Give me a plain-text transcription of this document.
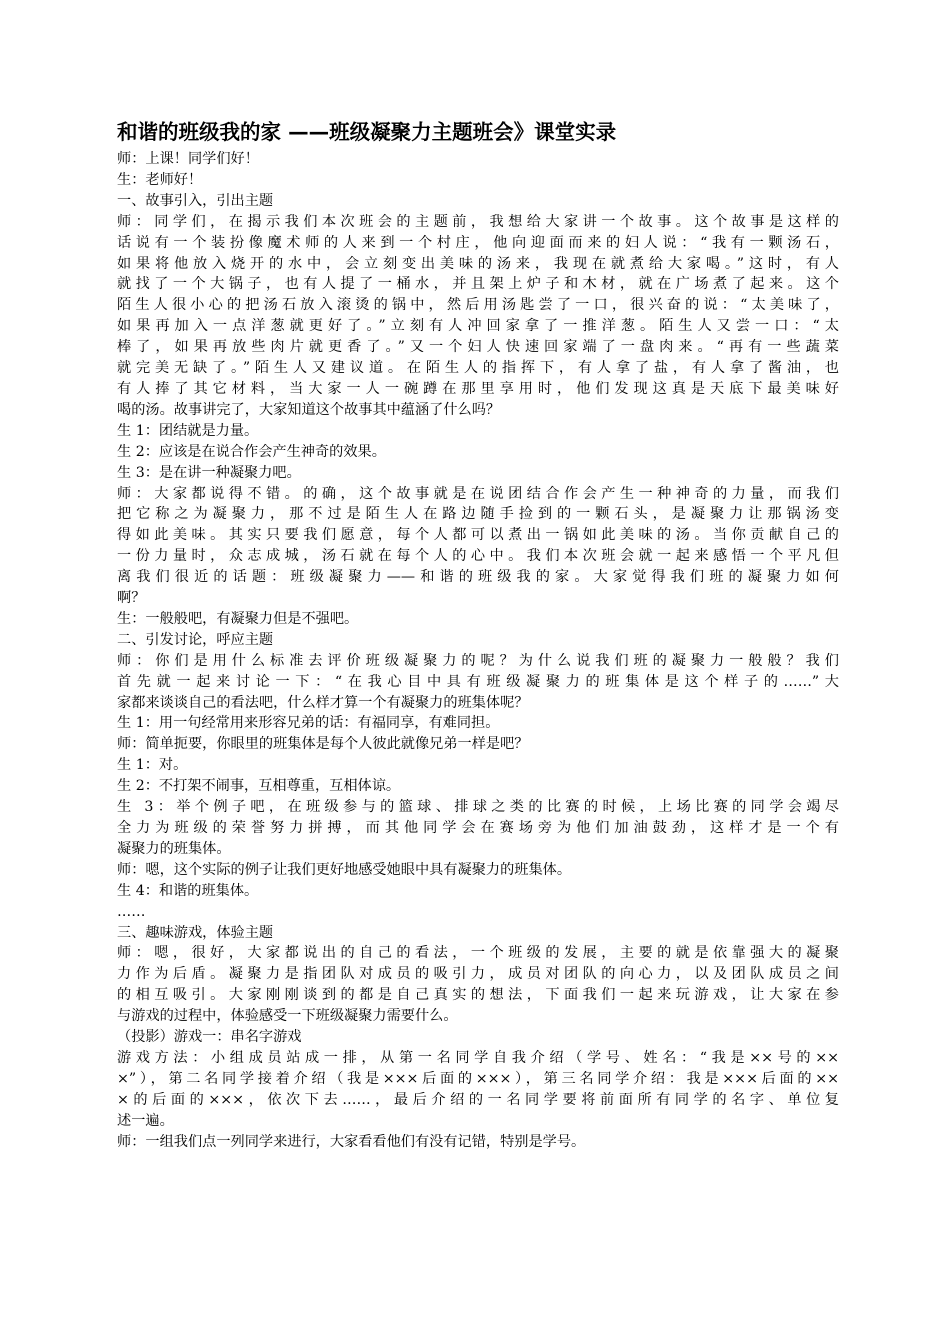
和谐的班级我的家 ——班级凝聚力主题班会》课堂实录

师：上课！同学们好！

生：老师好！

一、故事引入，引出主题

师：同学们，在揭示我们本次班会的主题前，我想给大家讲一个故事。这个故事是这样的

话说有一个装扮像魔术师的人来到一个村庄，他向迎面而来的妇人说：“我有一颗汤石，

如果将他放入烧开的水中，会立刻变出美味的汤来，我现在就煮给大家喝。”这时，有人

就找了一个大锅子，也有人提了一桶水，并且架上炉子和木材，就在广场煮了起来。这个

陌生人很小心的把汤石放入滚烫的锅中，然后用汤匙尝了一口，很兴奋的说：“太美味了，

如果再加入一点洋葱就更好了。”立刻有人冲回家拿了一推洋葱。陌生人又尝一口：“太

棒了，如果再放些肉片就更香了。”又一个妇人快速回家端了一盘肉来。“再有一些蔬菜

就完美无缺了。”陌生人又建议道。在陌生人的指挥下，有人拿了盐，有人拿了酱油，也

有人捧了其它材料，当大家一人一碗蹲在那里享用时，他们发现这真是天底下最美味好

喝的汤。故事讲完了，大家知道这个故事其中蕴涵了什么吗？

生 1：团结就是力量。

生 2：应该是在说合作会产生神奇的效果。

生 3：是在讲一种凝聚力吧。

师：大家都说得不错。的确，这个故事就是在说团结合作会产生一种神奇的力量，而我们

把它称之为凝聚力，那不过是陌生人在路边随手捡到的一颗石头，是凝聚力让那锅汤变

得如此美味。其实只要我们愿意，每个人都可以煮出一锅如此美味的汤。当你贡献自己的

一份力量时，众志成城，汤石就在每个人的心中。我们本次班会就一起来感悟一个平凡但

离我们很近的话题：班级凝聚力——和谐的班级我的家。大家觉得我们班的凝聚力如何

啊？

生：一般般吧，有凝聚力但是不强吧。

二、引发讨论，呼应主题

师：你们是用什么标准去评价班级凝聚力的呢？为什么说我们班的凝聚力一般般？我们

首先就一起来讨论一下：“在我心目中具有班级凝聚力的班集体是这个样子的……”大

家都来谈谈自己的看法吧，什么样才算一个有凝聚力的班集体呢？

生 1：用一句经常用来形容兄弟的话：有福同享，有难同担。

师：简单扼要，你眼里的班集体是每个人彼此就像兄弟一样是吧？

生 1：对。

生 2：不打架不闹事，互相尊重，互相体谅。

生 3：举个例子吧，在班级参与的篮球、排球之类的比赛的时候，上场比赛的同学会竭尽

全力为班级的荣誉努力拼搏，而其他同学会在赛场旁为他们加油鼓劲，这样才是一个有

凝聚力的班集体。

师：嗯，这个实际的例子让我们更好地感受她眼中具有凝聚力的班集体。

生 4：和谐的班集体。

……

三、趣味游戏，体验主题

师：嗯，很好，大家都说出的自己的看法，一个班级的发展，主要的就是依靠强大的凝聚

力作为后盾。凝聚力是指团队对成员的吸引力，成员对团队的向心力，以及团队成员之间

的相互吸引。大家刚刚谈到的都是自己真实的想法，下面我们一起来玩游戏，让大家在参

与游戏的过程中，体验感受一下班级凝聚力需要什么。

（投影）游戏一：串名字游戏

游戏方法：小组成员站成一排，从第一名同学自我介绍（学号、姓名：“我是××号的××

×”），第二名同学接着介绍（我是×××后面的×××），第三名同学介绍：我是×××后面的××

×的后面的×××，依次下去……，最后介绍的一名同学要将前面所有同学的名字、单位复

述一遍。

师：一组我们点一列同学来进行，大家看看他们有没有记错，特别是学号。
